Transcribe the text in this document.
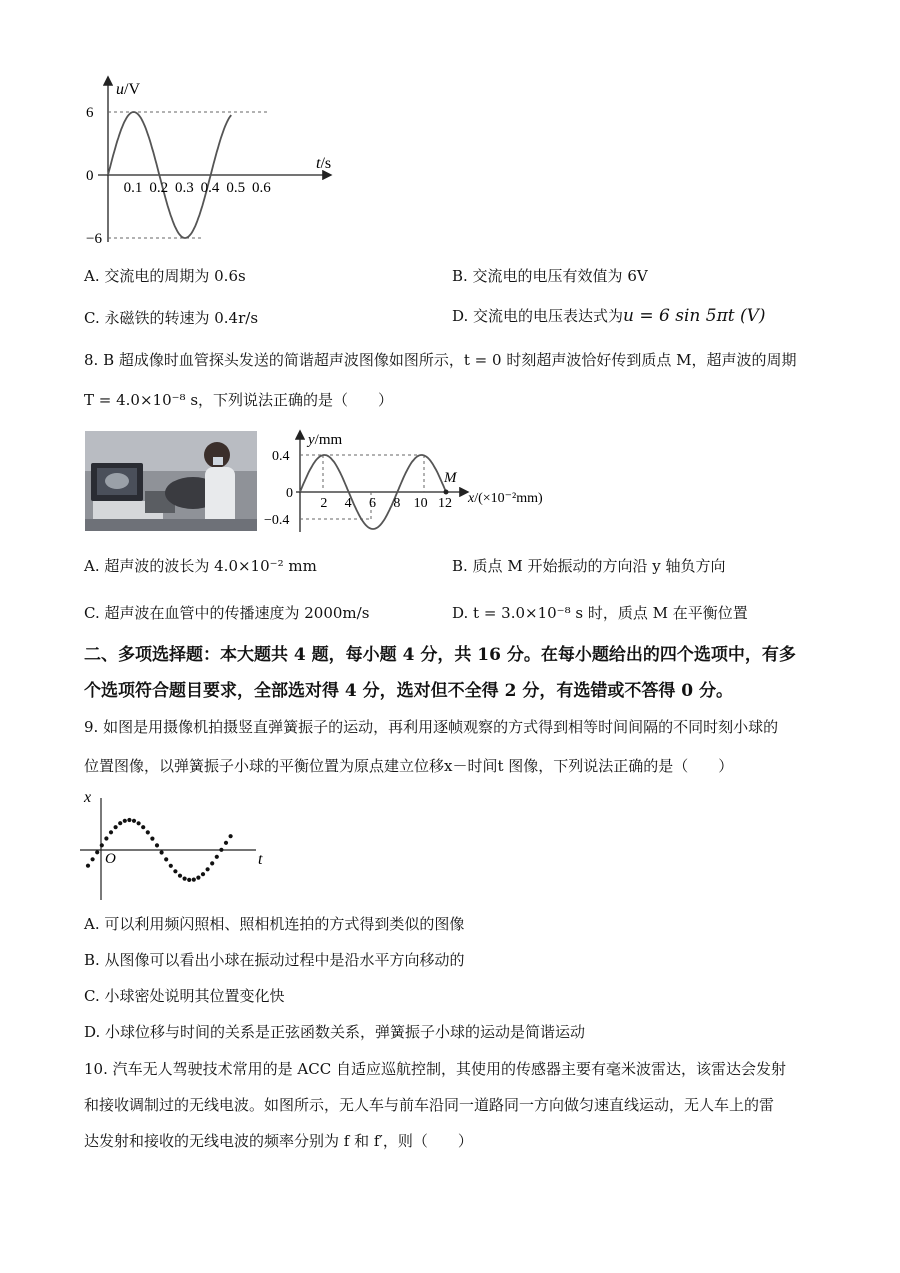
0.1 0.2 0.3 0.4 0.5 0.6
6
0
−6
u/V
t/s
A. 交流电的周期为 0.6s	B. 交流电的电压有效值为 6V
C. 永磁铁的转速为 0.4r/s	D. 交流电的电压表达式为u = 6 sin 5πt (V)
8. B 超成像时血管探头发送的简谐超声波图像如图所示，t = 0 时刻超声波恰好传到质点 M，超声波的周期
T = 4.0×10⁻⁸ s，下列说法正确的是（　　）
M
2 4 6 8 10 12
0.4
0
−0.4
y/mm
x/(×10⁻²mm)
A. 超声波的波长为 4.0×10⁻² mm	B. 质点 M 开始振动的方向沿 y 轴负方向
C. 超声波在血管中的传播速度为 2000m/s	D. t = 3.0×10⁻⁸ s 时，质点 M 在平衡位置
二、多项选择题：本大题共 4 题，每小题 4 分，共 16 分。在每小题给出的四个选项中，有多
个选项符合题目要求，全部选对得 4 分，选对但不全得 2 分，有选错或不答得 0 分。
9. 如图是用摄像机拍摄竖直弹簧振子的运动，再利用逐帧观察的方式得到相等时间间隔的不同时刻小球的
位置图像，以弹簧振子小球的平衡位置为原点建立位移x－时间t 图像，下列说法正确的是（　　）
x
t
O
A. 可以利用频闪照相、照相机连拍的方式得到类似的图像
B. 从图像可以看出小球在振动过程中是沿水平方向移动的
C. 小球密处说明其位置变化快
D. 小球位移与时间的关系是正弦函数关系，弹簧振子小球的运动是简谐运动
10. 汽车无人驾驶技术常用的是 ACC 自适应巡航控制，其使用的传感器主要有毫米波雷达，该雷达会发射
和接收调制过的无线电波。如图所示，无人车与前车沿同一道路同一方向做匀速直线运动，无人车上的雷
达发射和接收的无线电波的频率分别为 f 和 f′，则（　　）
